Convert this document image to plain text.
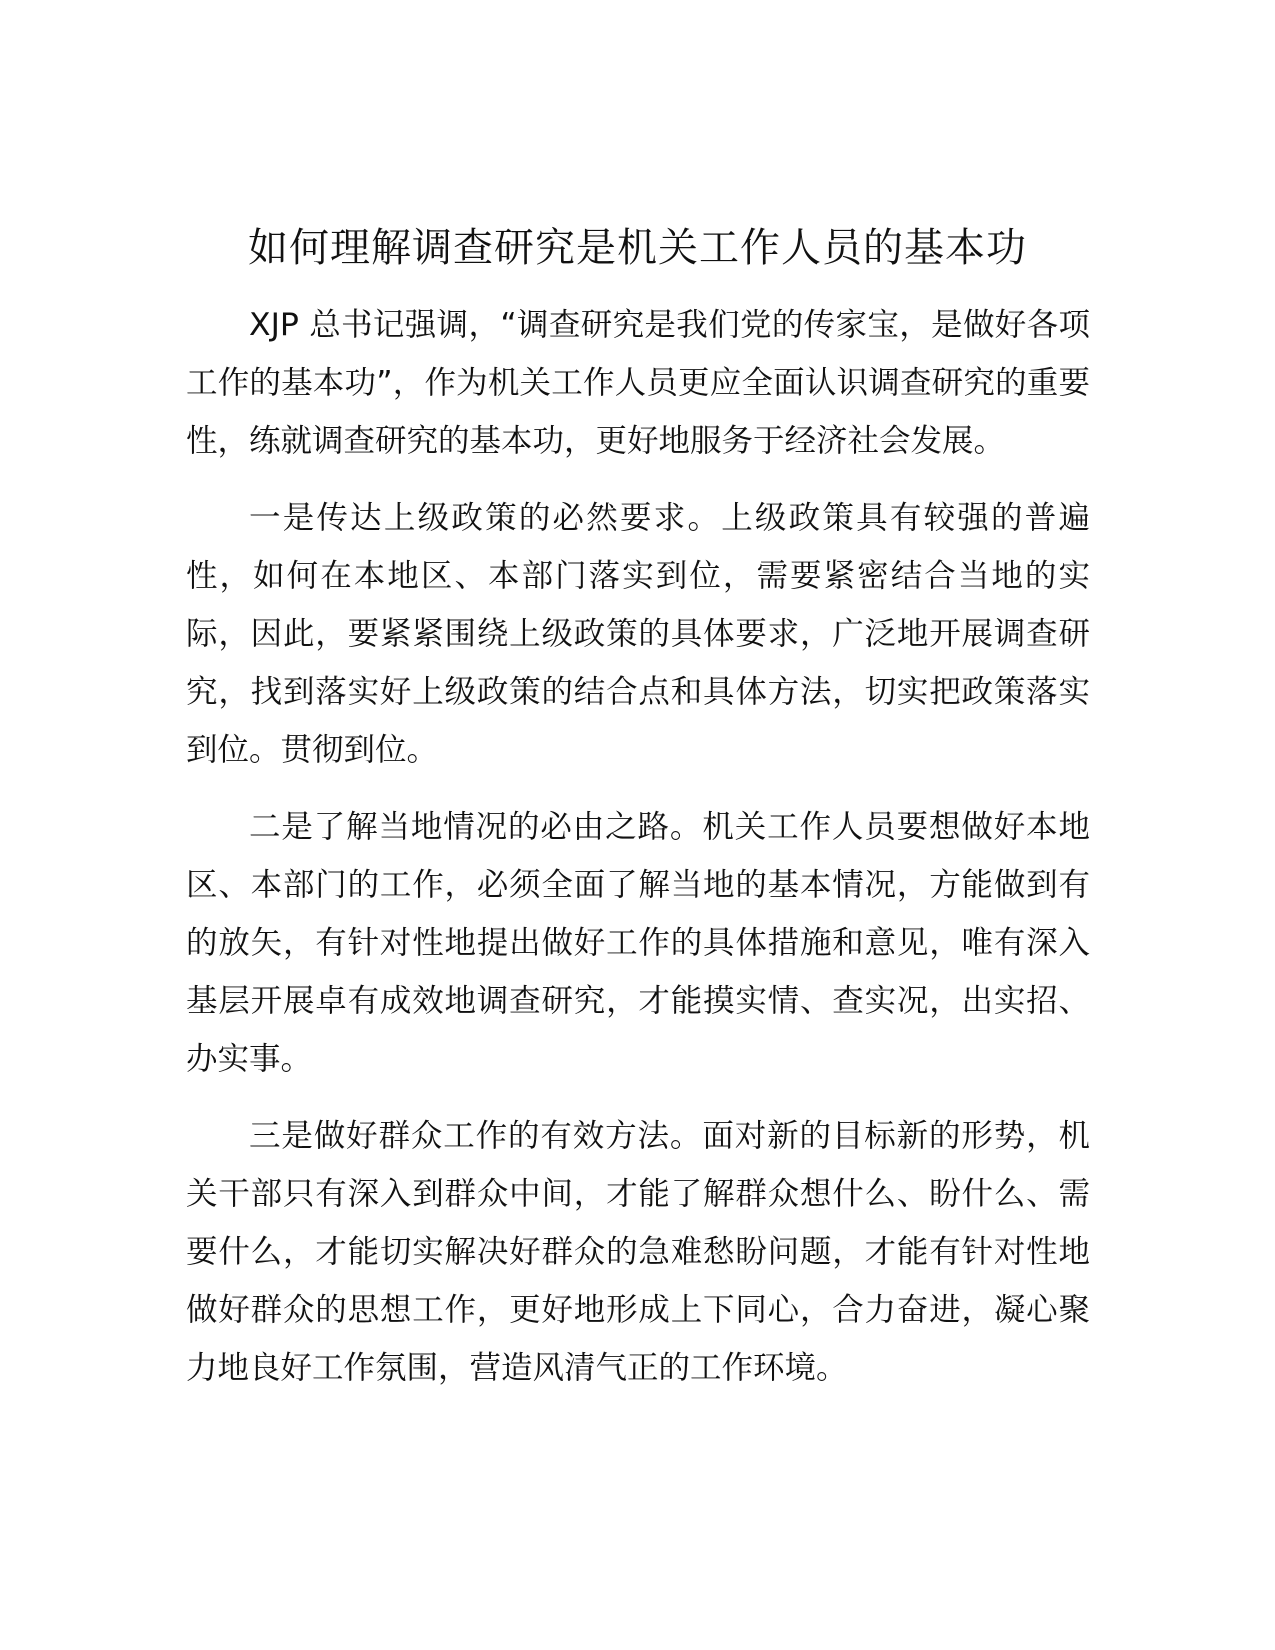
如何理解调查研究是机关工作人员的基本功

XJP 总书记强调，“调查研究是我们党的传家宝，是做好各项工作的基本功”，作为机关工作人员更应全面认识调查研究的重要性，练就调查研究的基本功，更好地服务于经济社会发展。

一是传达上级政策的必然要求。上级政策具有较强的普遍性，如何在本地区、本部门落实到位，需要紧密结合当地的实际，因此，要紧紧围绕上级政策的具体要求，广泛地开展调查研究，找到落实好上级政策的结合点和具体方法，切实把政策落实到位。贯彻到位。

二是了解当地情况的必由之路。机关工作人员要想做好本地区、本部门的工作，必须全面了解当地的基本情况，方能做到有的放矢，有针对性地提出做好工作的具体措施和意见，唯有深入基层开展卓有成效地调查研究，才能摸实情、查实况，出实招、办实事。

三是做好群众工作的有效方法。面对新的目标新的形势，机关干部只有深入到群众中间，才能了解群众想什么、盼什么、需要什么，才能切实解决好群众的急难愁盼问题，才能有针对性地做好群众的思想工作，更好地形成上下同心，合力奋进，凝心聚力地良好工作氛围，营造风清气正的工作环境。
